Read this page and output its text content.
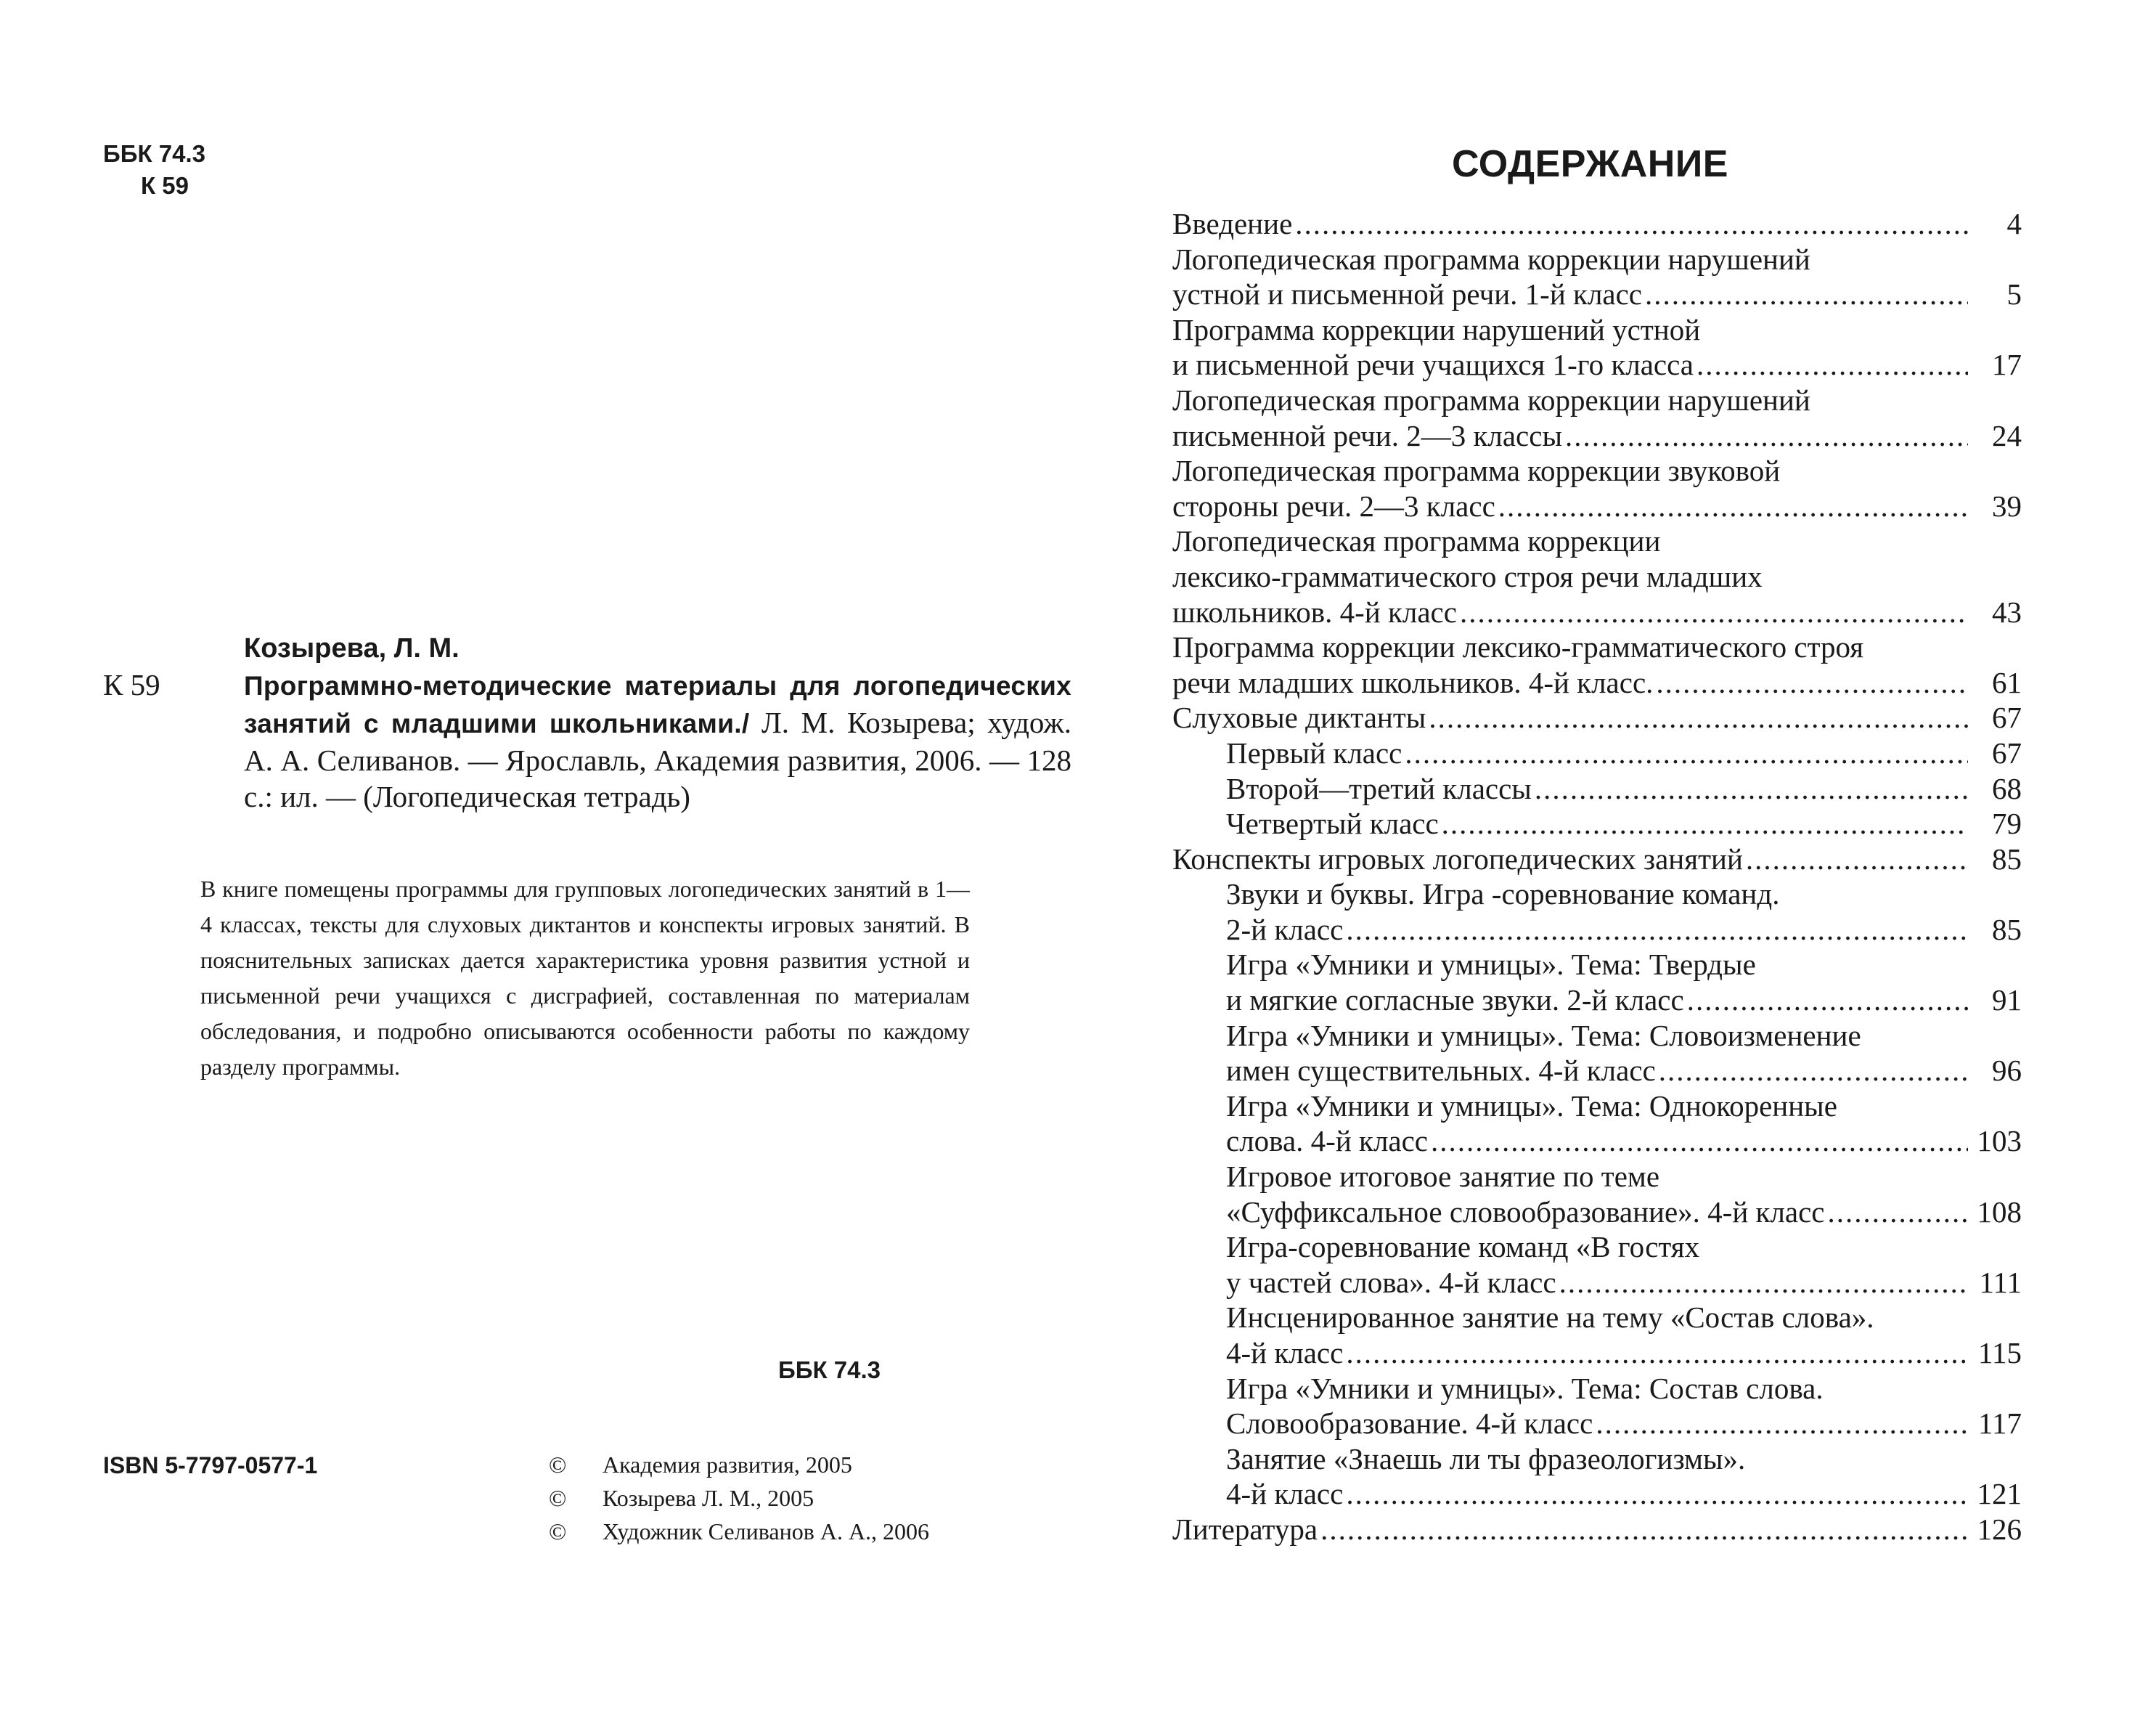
ББК 74.3
К 59
Козырева, Л. М.
К 59	Программно-методические материалы для логопедических занятий с младшими школьниками./ Л. М. Козырева; худож. А. А. Селиванов. — Ярославль, Академия развития, 2006. — 128 с.: ил. — (Логопедическая тетрадь)
В книге помещены программы для групповых логопедических занятий в 1—4 классах, тексты для слуховых диктантов и конспекты игровых занятий. В пояснительных записках дается характеристика уровня развития устной и письменной речи учащихся с дисграфией, составленная по материалам обследования, и подробно описываются особенности работы по каждому разделу программы.
ББК 74.3
ISBN 5-7797-0577-1	© Академия развития, 2005
© Козырева Л. М., 2005
© Художник Селиванов А. А., 2006
СОДЕРЖАНИЕ
Введение .....	4
Логопедическая программа коррекции нарушений
устной и письменной речи. 1-й класс .....	5
Программа коррекции нарушений устной
и письменной речи учащихся 1-го класса .....	17
Логопедическая программа коррекции нарушений
письменной речи. 2—3 классы .....	24
Логопедическая программа коррекции звуковой
стороны речи. 2—3 класс .....	39
Логопедическая программа коррекции
лексико-грамматического строя речи младших
школьников. 4-й класс .....	43
Программа коррекции лексико-грамматического строя
речи младших школьников. 4-й класс. .....	61
Слуховые диктанты .....	67
Первый класс .....	67
Второй—третий классы .....	68
Четвертый класс .....	79
Конспекты игровых логопедических занятий .....	85
Звуки и буквы. Игра -соревнование команд.
2-й класс .....	85
Игра «Умники и умницы». Тема: Твердые
и мягкие согласные звуки. 2-й класс .....	91
Игра «Умники и умницы». Тема: Словоизменение
имен существительных. 4-й класс .....	96
Игра «Умники и умницы». Тема: Однокоренные
слова. 4-й класс .....	103
Игровое итоговое занятие по теме
«Суффиксальное словообразование». 4-й класс .....	108
Игра-соревнование команд «В гостях
у частей слова». 4-й класс .....	111
Инсценированное занятие на тему «Состав слова».
4-й класс .....	115
Игра «Умники и умницы». Тема: Состав слова.
Словообразование. 4-й класс .....	117
Занятие «Знаешь ли ты фразеологизмы».
4-й класс .....	121
Литература .....	126
